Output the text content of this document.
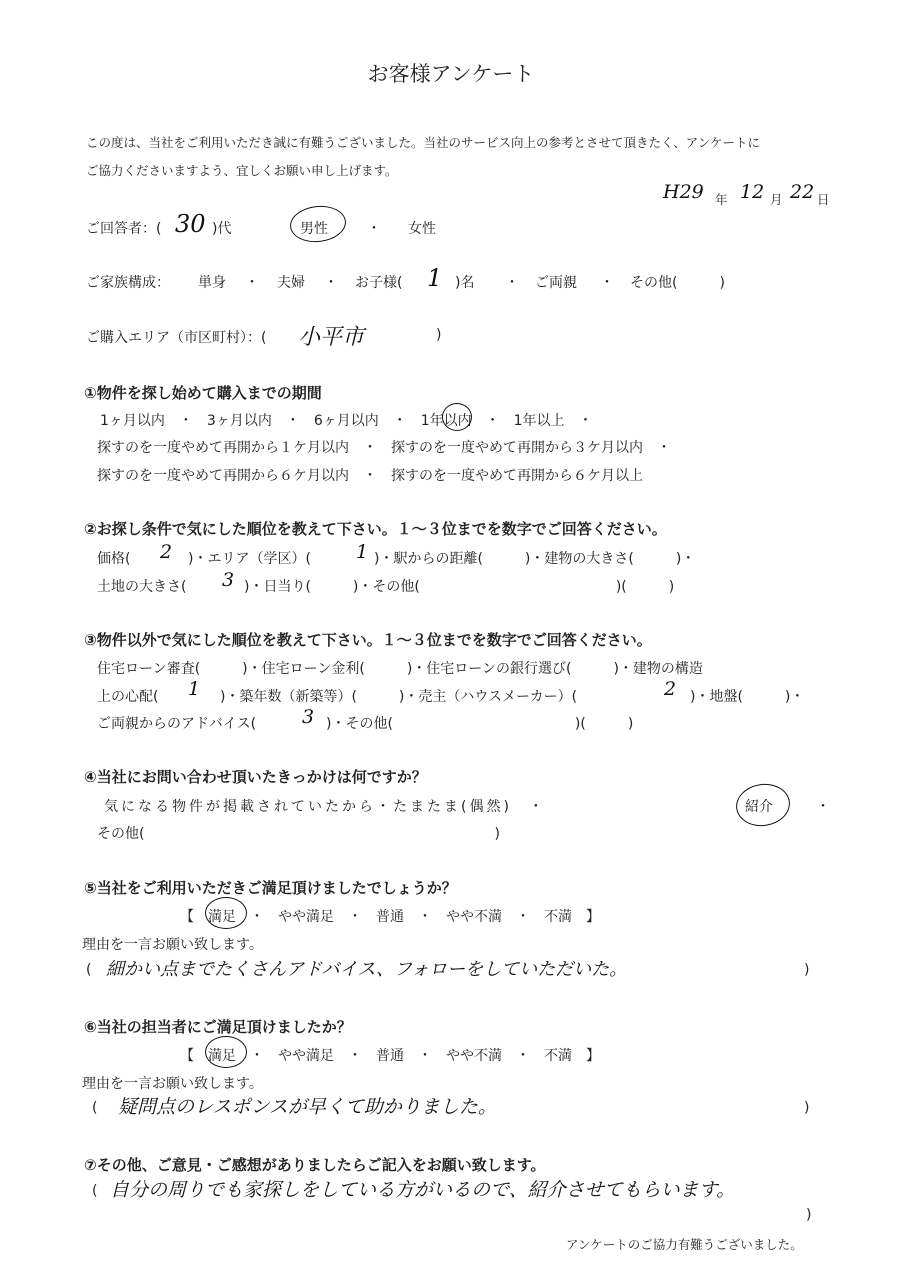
お客様アンケート
この度は、当社をご利用いただき誠に有難うございました。当社のサービス向上の参考とさせて頂きたく、アンケートに
ご協力くださいますよう、宜しくお願い申し上げます。
H29 年 12 月 22 日
ご回答者：( 30 )代	男性	・ 女性
ご家族構成： 単身 ・ 夫婦 ・ お子様( 1 )名 ・ ご両親 ・ その他(　　　)
ご購入エリア（市区町村）：( 小平市	)
①物件を探し始めて購入までの期間
1ヶ月以内　・　3ヶ月以内　・　6ヶ月以内　・　1年以内　・　1年以上　・
探すのを一度やめて再開から１ケ月以内　・　探すのを一度やめて再開から３ケ月以内　・
探すのを一度やめて再開から６ケ月以内　・　探すのを一度やめて再開から６ケ月以上
②お探し条件で気にした順位を教えて下さい。１～３位までを数字でご回答ください。
価格( 2 )・エリア（学区）( 1 )・駅からの距離(　　　)・建物の大きさ(　　　)・
土地の大きさ( 3 )・日当り(　　　)・その他(　　　　　　　　　　　　　　)(　　　)
③物件以外で気にした順位を教えて下さい。１～３位までを数字でご回答ください。
住宅ローン審査(　　　)・住宅ローン金利(　　　)・住宅ローンの銀行選び(　　　)・建物の構造
上の心配( 1 )・築年数（新築等）(　　　)・売主（ハウスメーカー）(	2 )・地盤(　　　)・
ご両親からのアドバイス( 3 )・その他(　　　　　　　　　　　　　)(　　　)
④当社にお問い合わせ頂いたきっかけは何ですか？
気になる物件が掲載されていたから・たまたま(偶然)　・	紹介	・
その他(　　　　　　　　　　　　　　　　　　　　　　　　　)
⑤当社をご利用いただきご満足頂けましたでしょうか？
【　満足　・　やや満足　・　普通　・　やや不満　・　不満　】
理由を一言お願い致します。
( 細かい点までたくさんアドバイス、フォローをしていただいた。	)
⑥当社の担当者にご満足頂けましたか？
【　満足　・　やや満足　・　普通　・　やや不満　・　不満　】
理由を一言お願い致します。
( 疑問点のレスポンスが早くて助かりました。	)
⑦その他、ご意見・ご感想がありましたらご記入をお願い致します。
( 自分の周りでも家探しをしている方がいるので、紹介させてもらいます。
)
アンケートのご協力有難うございました。
